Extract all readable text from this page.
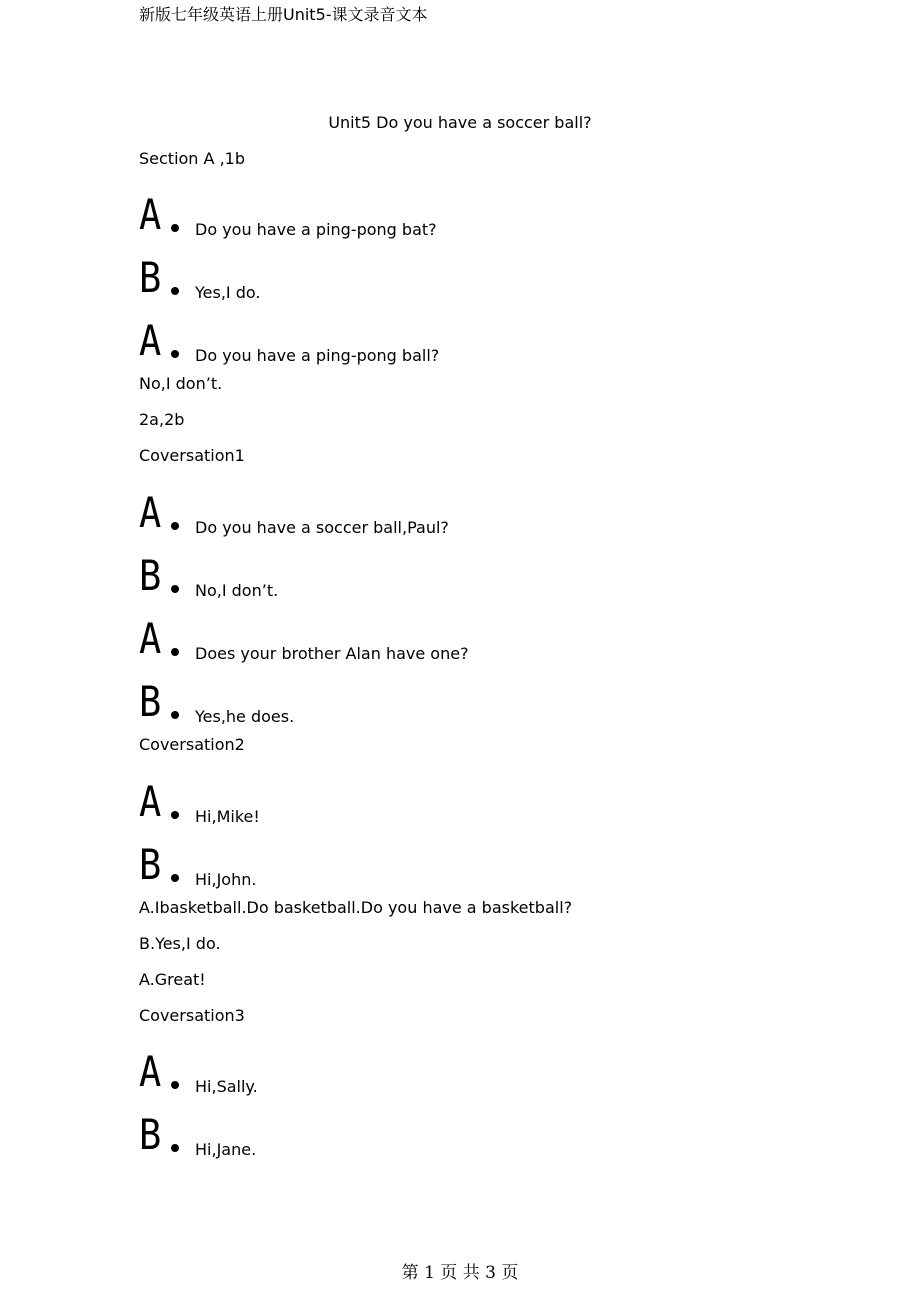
新版七年级英语上册Unit5-课文录音文本
Unit5 Do you have a soccer ball?
Section A ,1b
A Do you have a ping-pong bat?
B Yes,I do.
A Do you have a ping-pong ball?
No,I don’t.
2a,2b
Coversation1
A Do you have a soccer ball,Paul?
B No,I don’t.
A Does your brother Alan have one?
B Yes,he does.
Coversation2
A Hi,Mike!
B Hi,John.
A.Ibasketball.Do basketball.Do you have a basketball?
B.Yes,I do.
A.Great!
Coversation3
A Hi,Sally.
B Hi,Jane.
第 1 页 共 3 页
